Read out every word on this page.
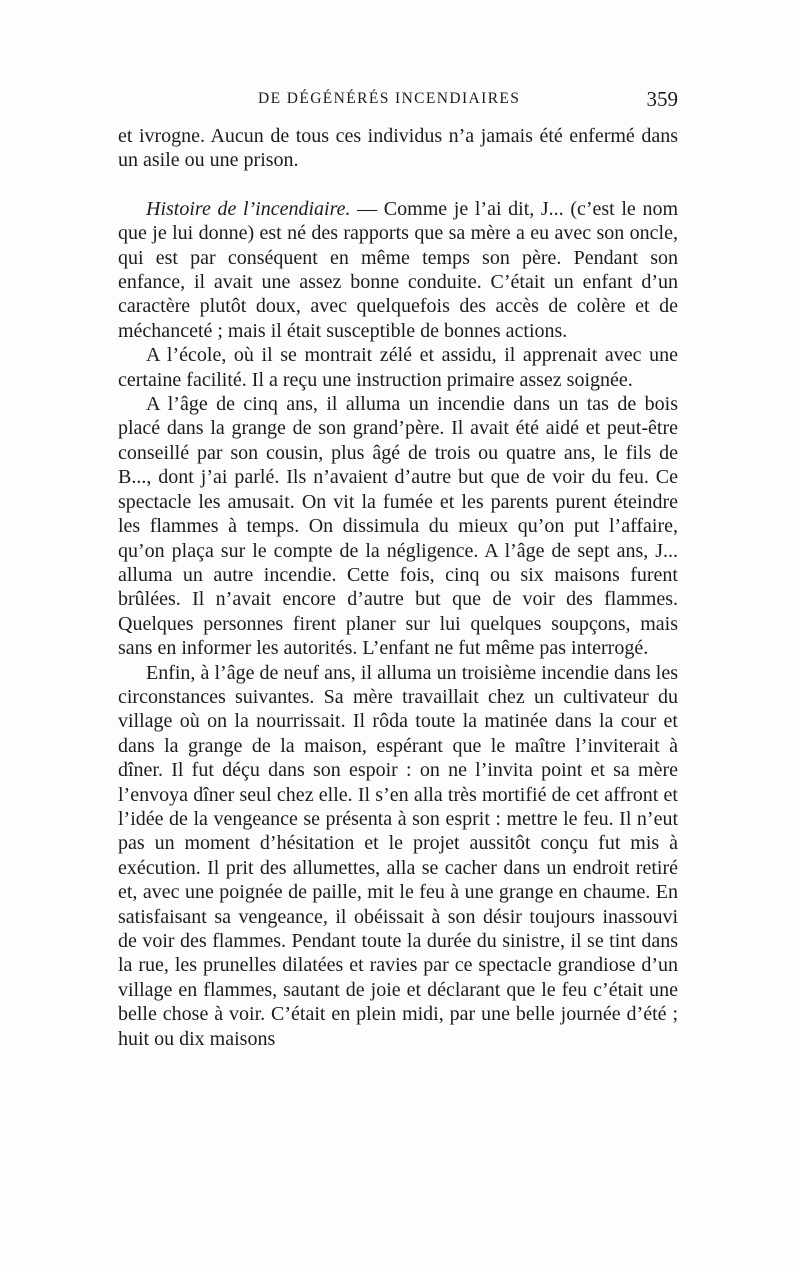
DE DÉGÉNÉRÉS INCENDIAIRES	359

et ivrogne. Aucun de tous ces individus n’a jamais été enfermé dans un asile ou une prison.

Histoire de l’incendiaire. — Comme je l’ai dit, J... (c’est le nom que je lui donne) est né des rapports que sa mère a eu avec son oncle, qui est par conséquent en même temps son père. Pendant son enfance, il avait une assez bonne conduite. C’était un enfant d’un caractère plutôt doux, avec quelquefois des accès de colère et de méchanceté ; mais il était susceptible de bonnes actions.

A l’école, où il se montrait zélé et assidu, il apprenait avec une certaine facilité. Il a reçu une instruction primaire assez soignée.

A l’âge de cinq ans, il alluma un incendie dans un tas de bois placé dans la grange de son grand’père. Il avait été aidé et peut-être conseillé par son cousin, plus âgé de trois ou quatre ans, le fils de B..., dont j’ai parlé. Ils n’avaient d’autre but que de voir du feu. Ce spectacle les amusait. On vit la fumée et les parents purent éteindre les flammes à temps. On dissimula du mieux qu’on put l’affaire, qu’on plaça sur le compte de la négligence. A l’âge de sept ans, J... alluma un autre incendie. Cette fois, cinq ou six maisons furent brûlées. Il n’avait encore d’autre but que de voir des flammes. Quelques personnes firent planer sur lui quelques soupçons, mais sans en informer les autorités. L’enfant ne fut même pas interrogé.

Enfin, à l’âge de neuf ans, il alluma un troisième incendie dans les circonstances suivantes. Sa mère travaillait chez un cultivateur du village où on la nourrissait. Il rôda toute la matinée dans la cour et dans la grange de la maison, espérant que le maître l’inviterait à dîner. Il fut déçu dans son espoir : on ne l’invita point et sa mère l’envoya dîner seul chez elle. Il s’en alla très mortifié de cet affront et l’idée de la vengeance se présenta à son esprit : mettre le feu. Il n’eut pas un moment d’hésitation et le projet aussitôt conçu fut mis à exécution. Il prit des allumettes, alla se cacher dans un endroit retiré et, avec une poignée de paille, mit le feu à une grange en chaume. En satisfaisant sa vengeance, il obéissait à son désir toujours inassouvi de voir des flammes. Pendant toute la durée du sinistre, il se tint dans la rue, les prunelles dilatées et ravies par ce spectacle grandiose d’un village en flammes, sautant de joie et déclarant que le feu c’était une belle chose à voir. C’était en plein midi, par une belle journée d’été ; huit ou dix maisons
